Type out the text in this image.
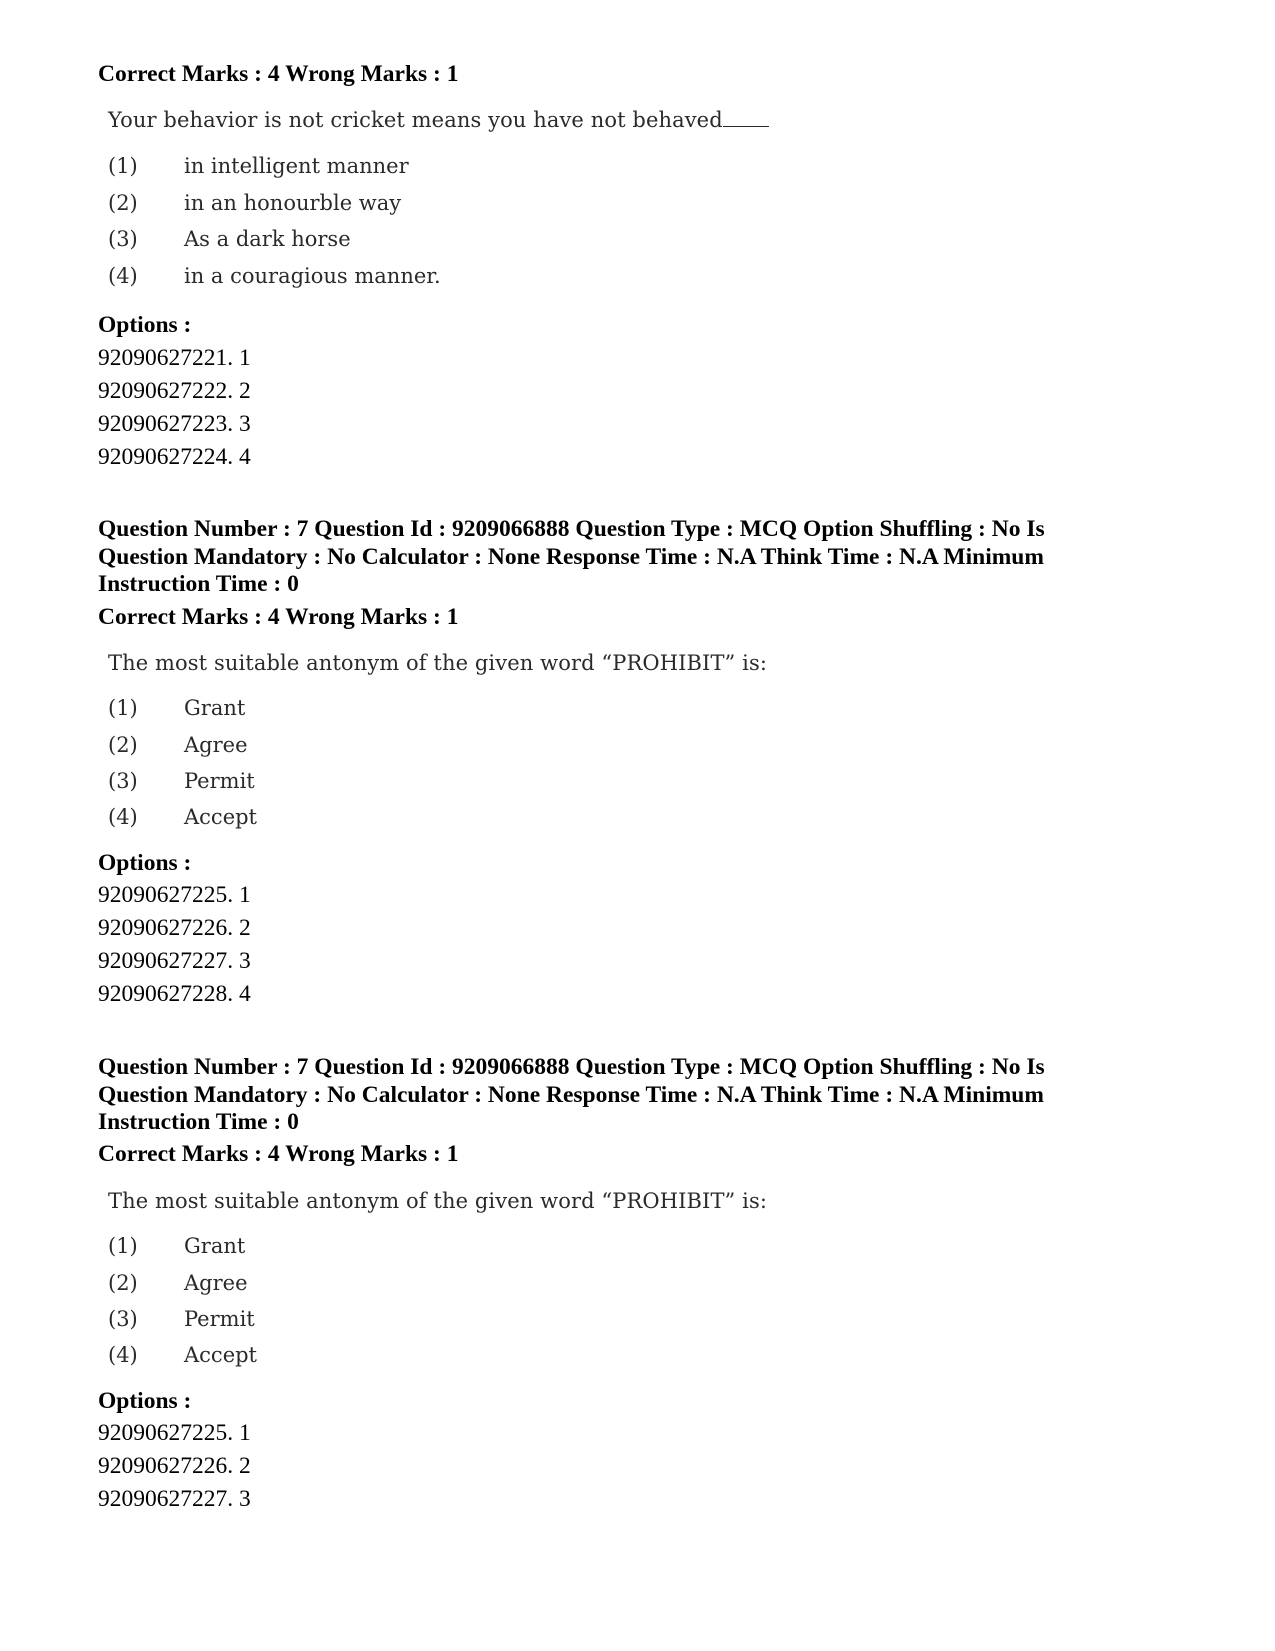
Correct Marks : 4 Wrong Marks : 1
Your behavior is not cricket means you have not behaved
(1) in intelligent manner
(2) in an honourble way
(3) As a dark horse
(4) in a couragious manner.
Options :
92090627221. 1
92090627222. 2
92090627223. 3
92090627224. 4
Question Number : 7 Question Id : 9209066888 Question Type : MCQ Option Shuffling : No Is Question Mandatory : No Calculator : None Response Time : N.A Think Time : N.A Minimum Instruction Time : 0
Correct Marks : 4 Wrong Marks : 1
The most suitable antonym of the given word “PROHIBIT” is:
(1) Grant
(2) Agree
(3) Permit
(4) Accept
Options :
92090627225. 1
92090627226. 2
92090627227. 3
92090627228. 4
Question Number : 7 Question Id : 9209066888 Question Type : MCQ Option Shuffling : No Is Question Mandatory : No Calculator : None Response Time : N.A Think Time : N.A Minimum Instruction Time : 0
Correct Marks : 4 Wrong Marks : 1
The most suitable antonym of the given word “PROHIBIT” is:
(1) Grant
(2) Agree
(3) Permit
(4) Accept
Options :
92090627225. 1
92090627226. 2
92090627227. 3
